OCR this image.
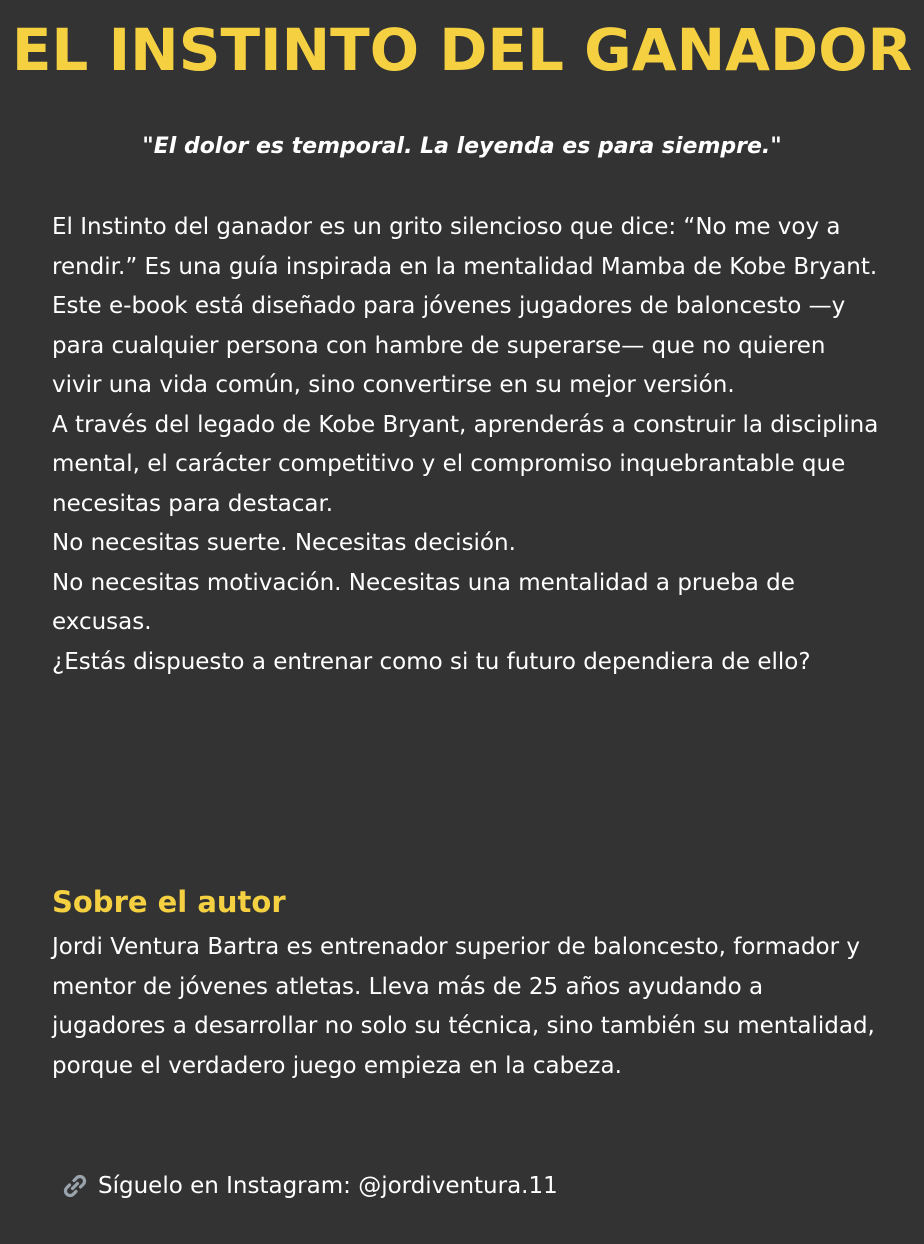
EL INSTINTO DEL GANADOR

"El dolor es temporal. La leyenda es para siempre."

El Instinto del ganador es un grito silencioso que dice: “No me voy a rendir.” Es una guía inspirada en la mentalidad Mamba de Kobe Bryant.

Este e-book está diseñado para jóvenes jugadores de baloncesto —y para cualquier persona con hambre de superarse— que no quieren vivir una vida común, sino convertirse en su mejor versión.

A través del legado de Kobe Bryant, aprenderás a construir la disciplina mental, el carácter competitivo y el compromiso inquebrantable que necesitas para destacar.

No necesitas suerte. Necesitas decisión.

No necesitas motivación. Necesitas una mentalidad a prueba de excusas.

¿Estás dispuesto a entrenar como si tu futuro dependiera de ello?

Sobre el autor

Jordi Ventura Bartra es entrenador superior de baloncesto, formador y mentor de jóvenes atletas. Lleva más de 25 años ayudando a jugadores a desarrollar no solo su técnica, sino también su mentalidad, porque el verdadero juego empieza en la cabeza.

Síguelo en Instagram: @jordiventura.11
